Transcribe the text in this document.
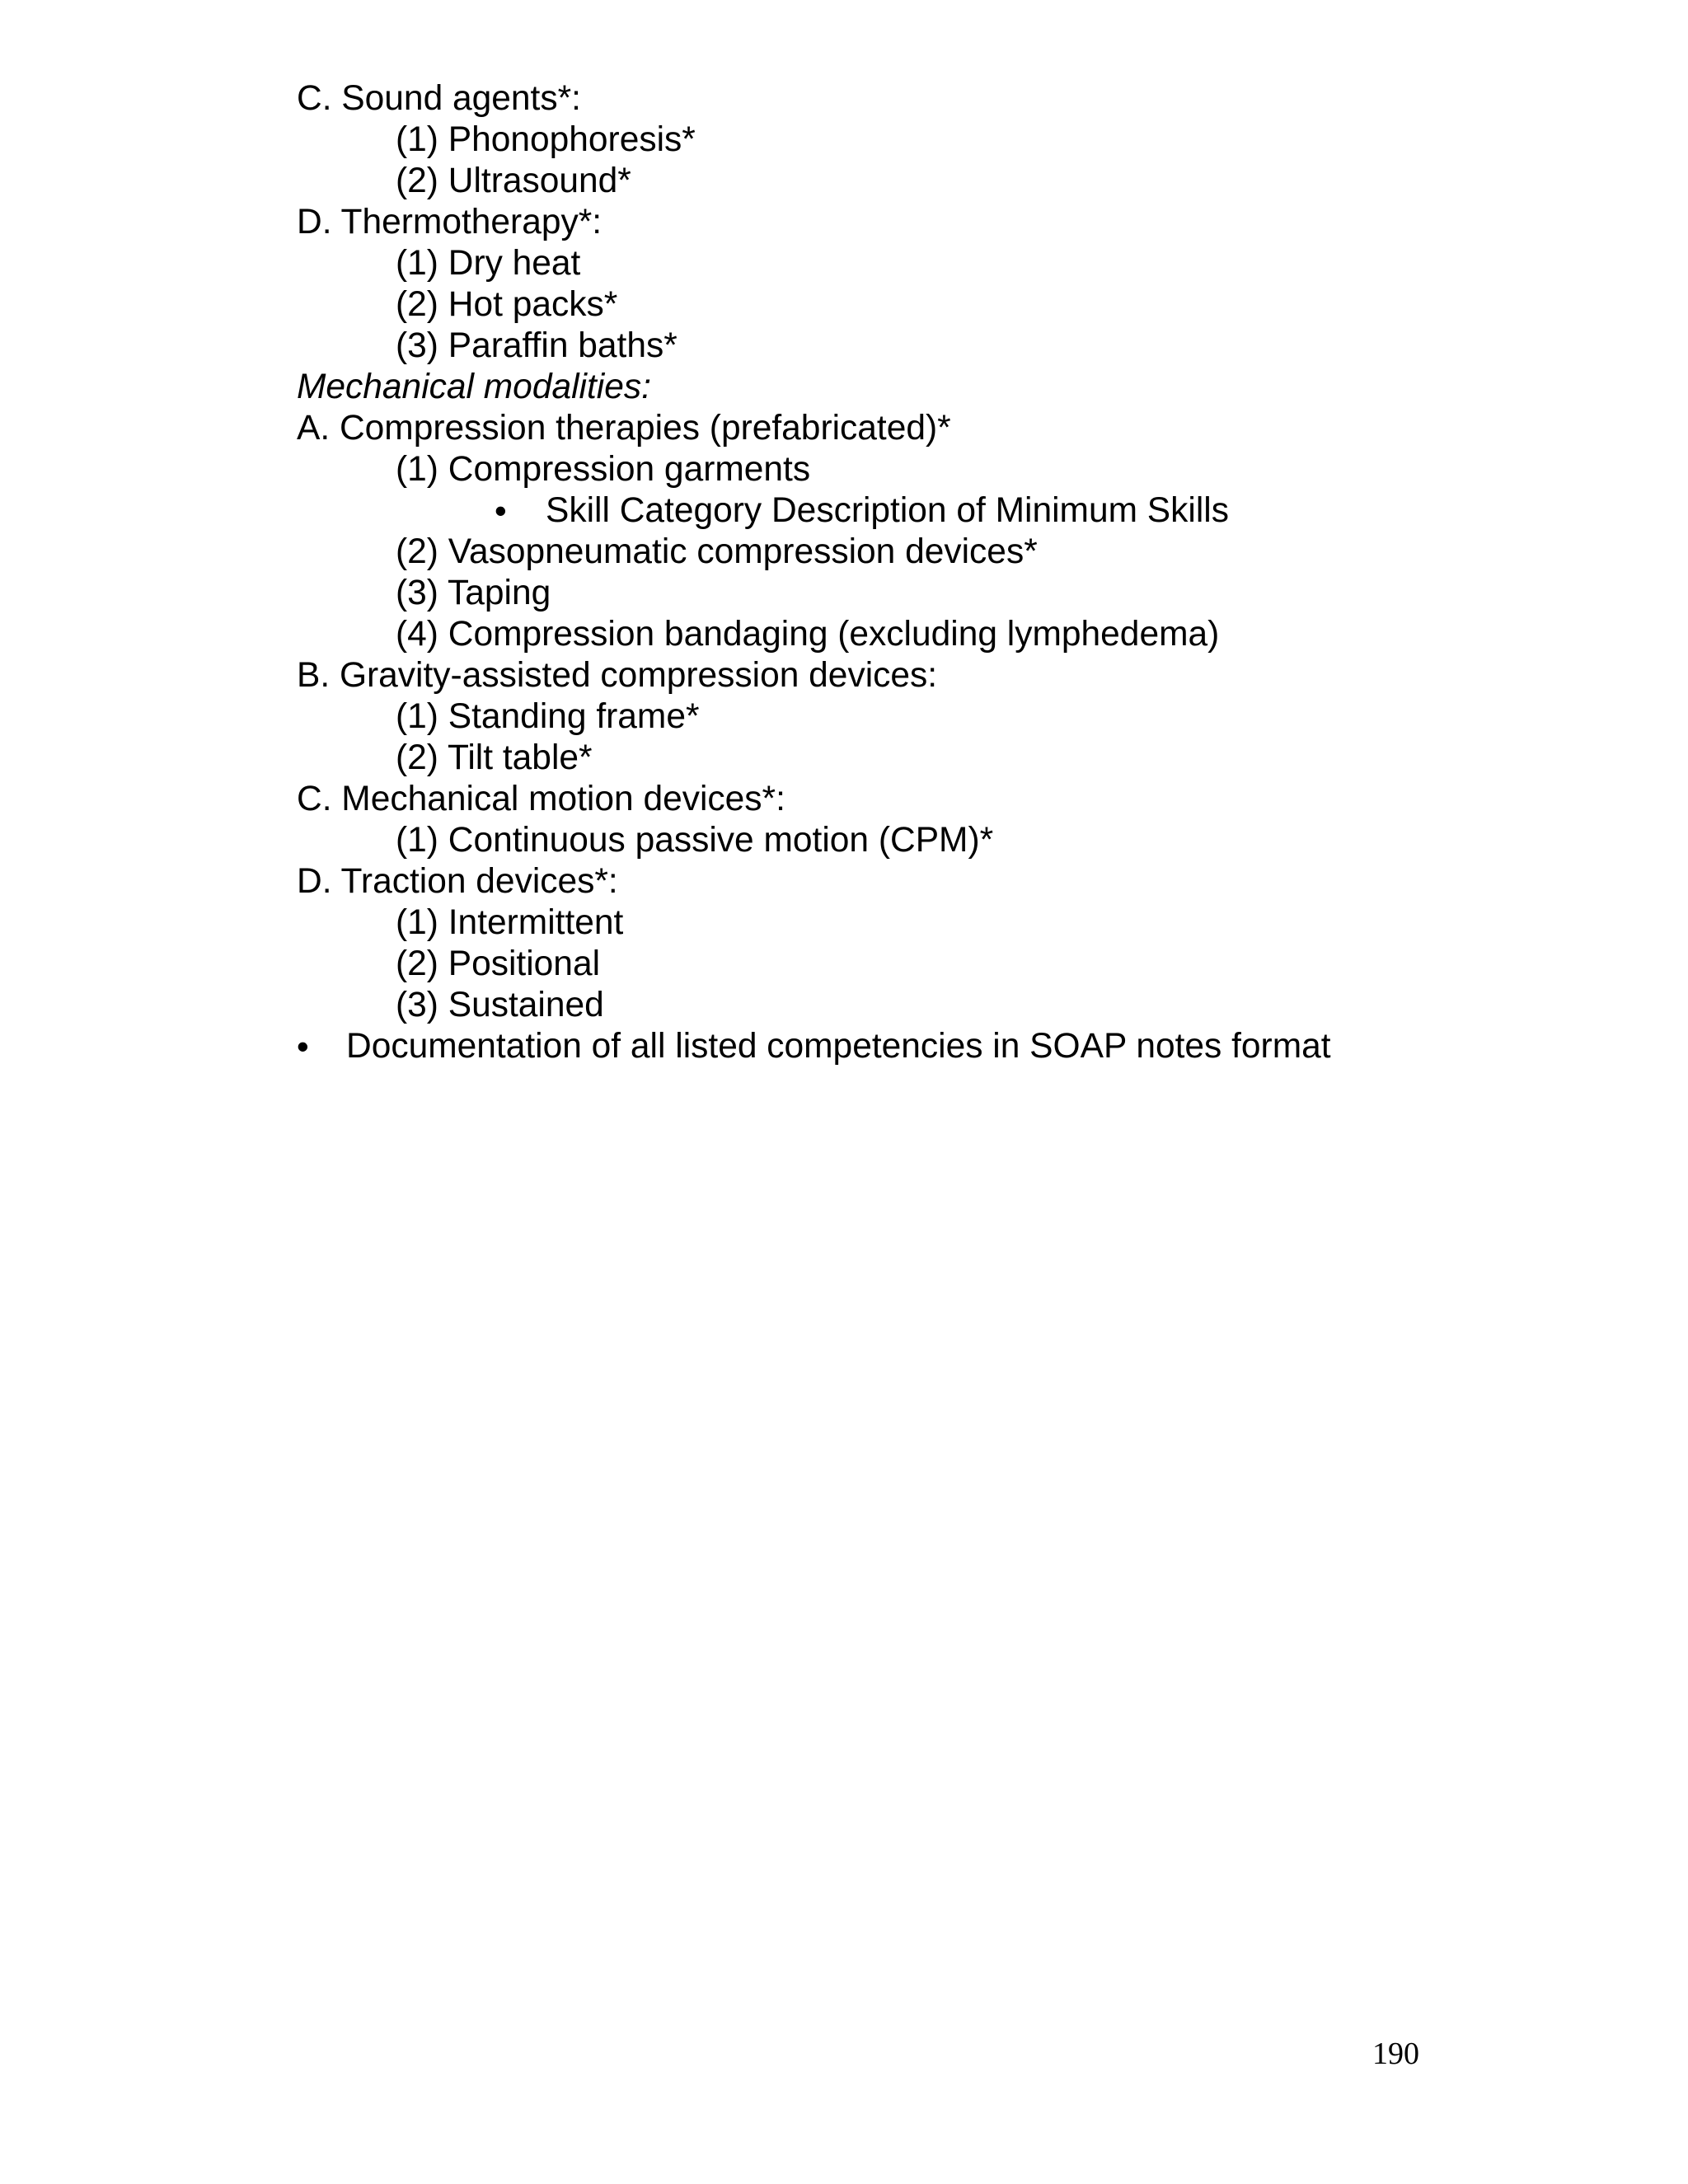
C. Sound agents*:
(1) Phonophoresis*
(2) Ultrasound*
D. Thermotherapy*:
(1) Dry heat
(2) Hot packs*
(3) Paraffin baths*
Mechanical modalities:
A. Compression therapies (prefabricated)*
(1) Compression garments
• Skill Category Description of Minimum Skills
(2) Vasopneumatic compression devices*
(3) Taping
(4) Compression bandaging (excluding lymphedema)
B. Gravity-assisted compression devices:
(1) Standing frame*
(2) Tilt table*
C. Mechanical motion devices*:
(1) Continuous passive motion (CPM)*
D. Traction devices*:
(1) Intermittent
(2) Positional
(3) Sustained
• Documentation of all listed competencies in SOAP notes format
190
